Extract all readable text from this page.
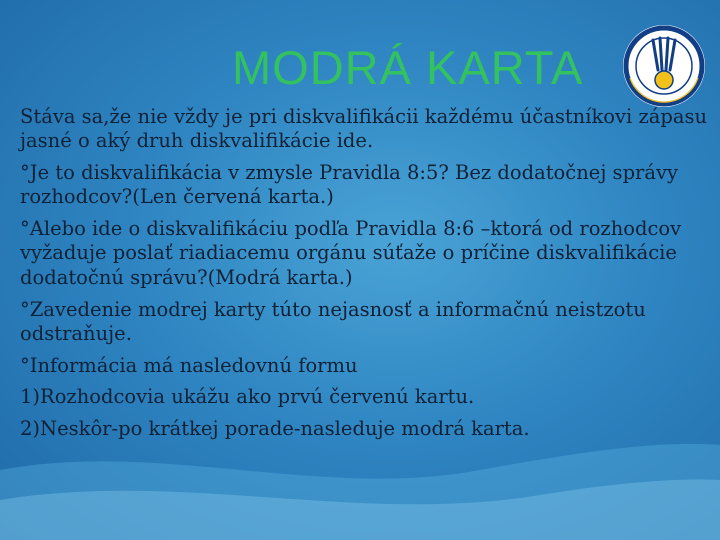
MODRÁ KARTA

Stáva sa,že nie vždy je pri diskvalifikácii každému účastníkovi zápasu jasné o aký druh diskvalifikácie ide.

°Je to diskvalifikácia v zmysle Pravidla 8:5? Bez dodatočnej správy rozhodcov?(Len červená karta.)

°Alebo ide o diskvalifikáciu podľa Pravidla 8:6 –ktorá od rozhodcov vyžaduje poslať riadiacemu orgánu súťaže o príčine diskvalifikácie dodatočnú správu?(Modrá karta.)

°Zavedenie modrej karty túto nejasnosť a informačnú neistzotu odstraňuje.

°Informácia má nasledovnú formu

1)Rozhodcovia ukážu ako prvú červenú kartu.

2)Neskôr-po krátkej porade-nasleduje modrá karta.
